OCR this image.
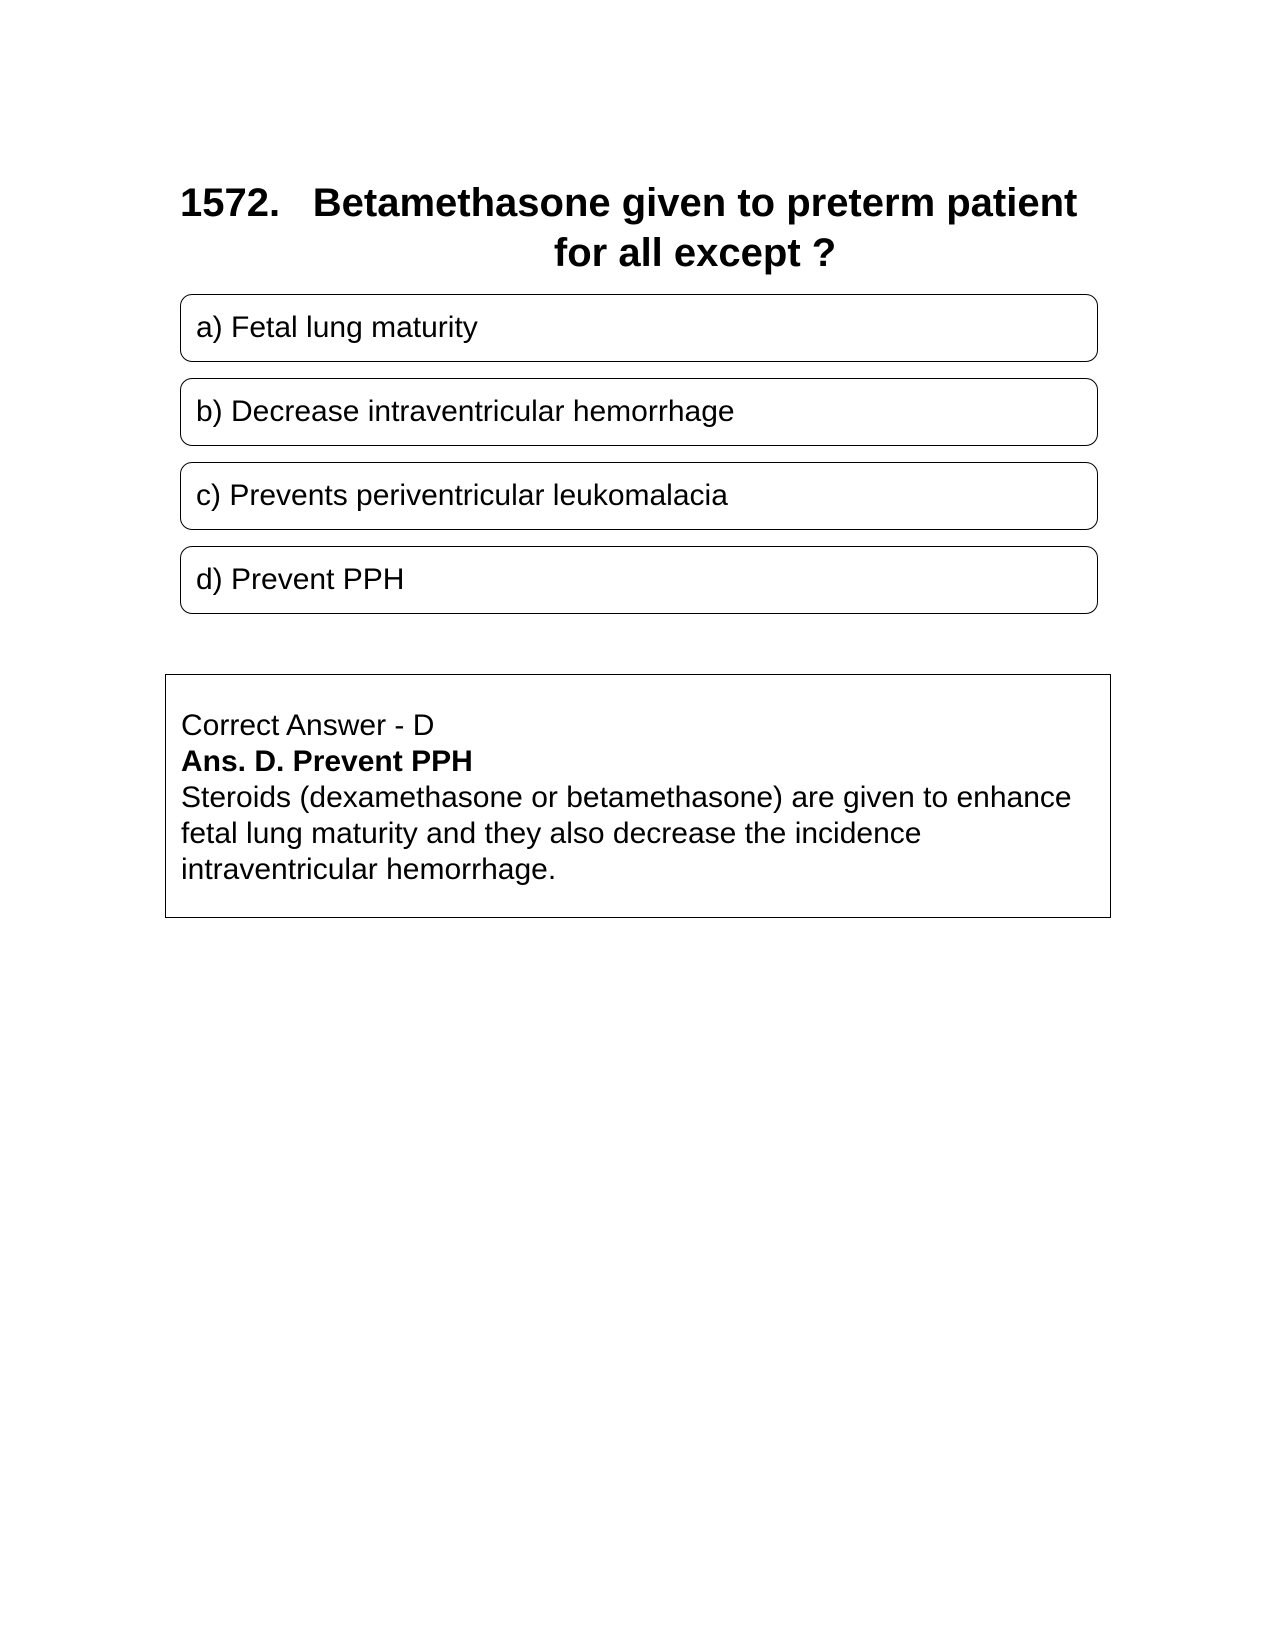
1572. Betamethasone given to preterm patient for all except ?
a) Fetal lung maturity
b) Decrease intraventricular hemorrhage
c) Prevents periventricular leukomalacia
d) Prevent PPH

Correct Answer - D

Ans. D. Prevent PPH

Steroids (dexamethasone or betamethasone) are given to enhance fetal lung maturity and they also decrease the incidence intraventricular hemorrhage.
